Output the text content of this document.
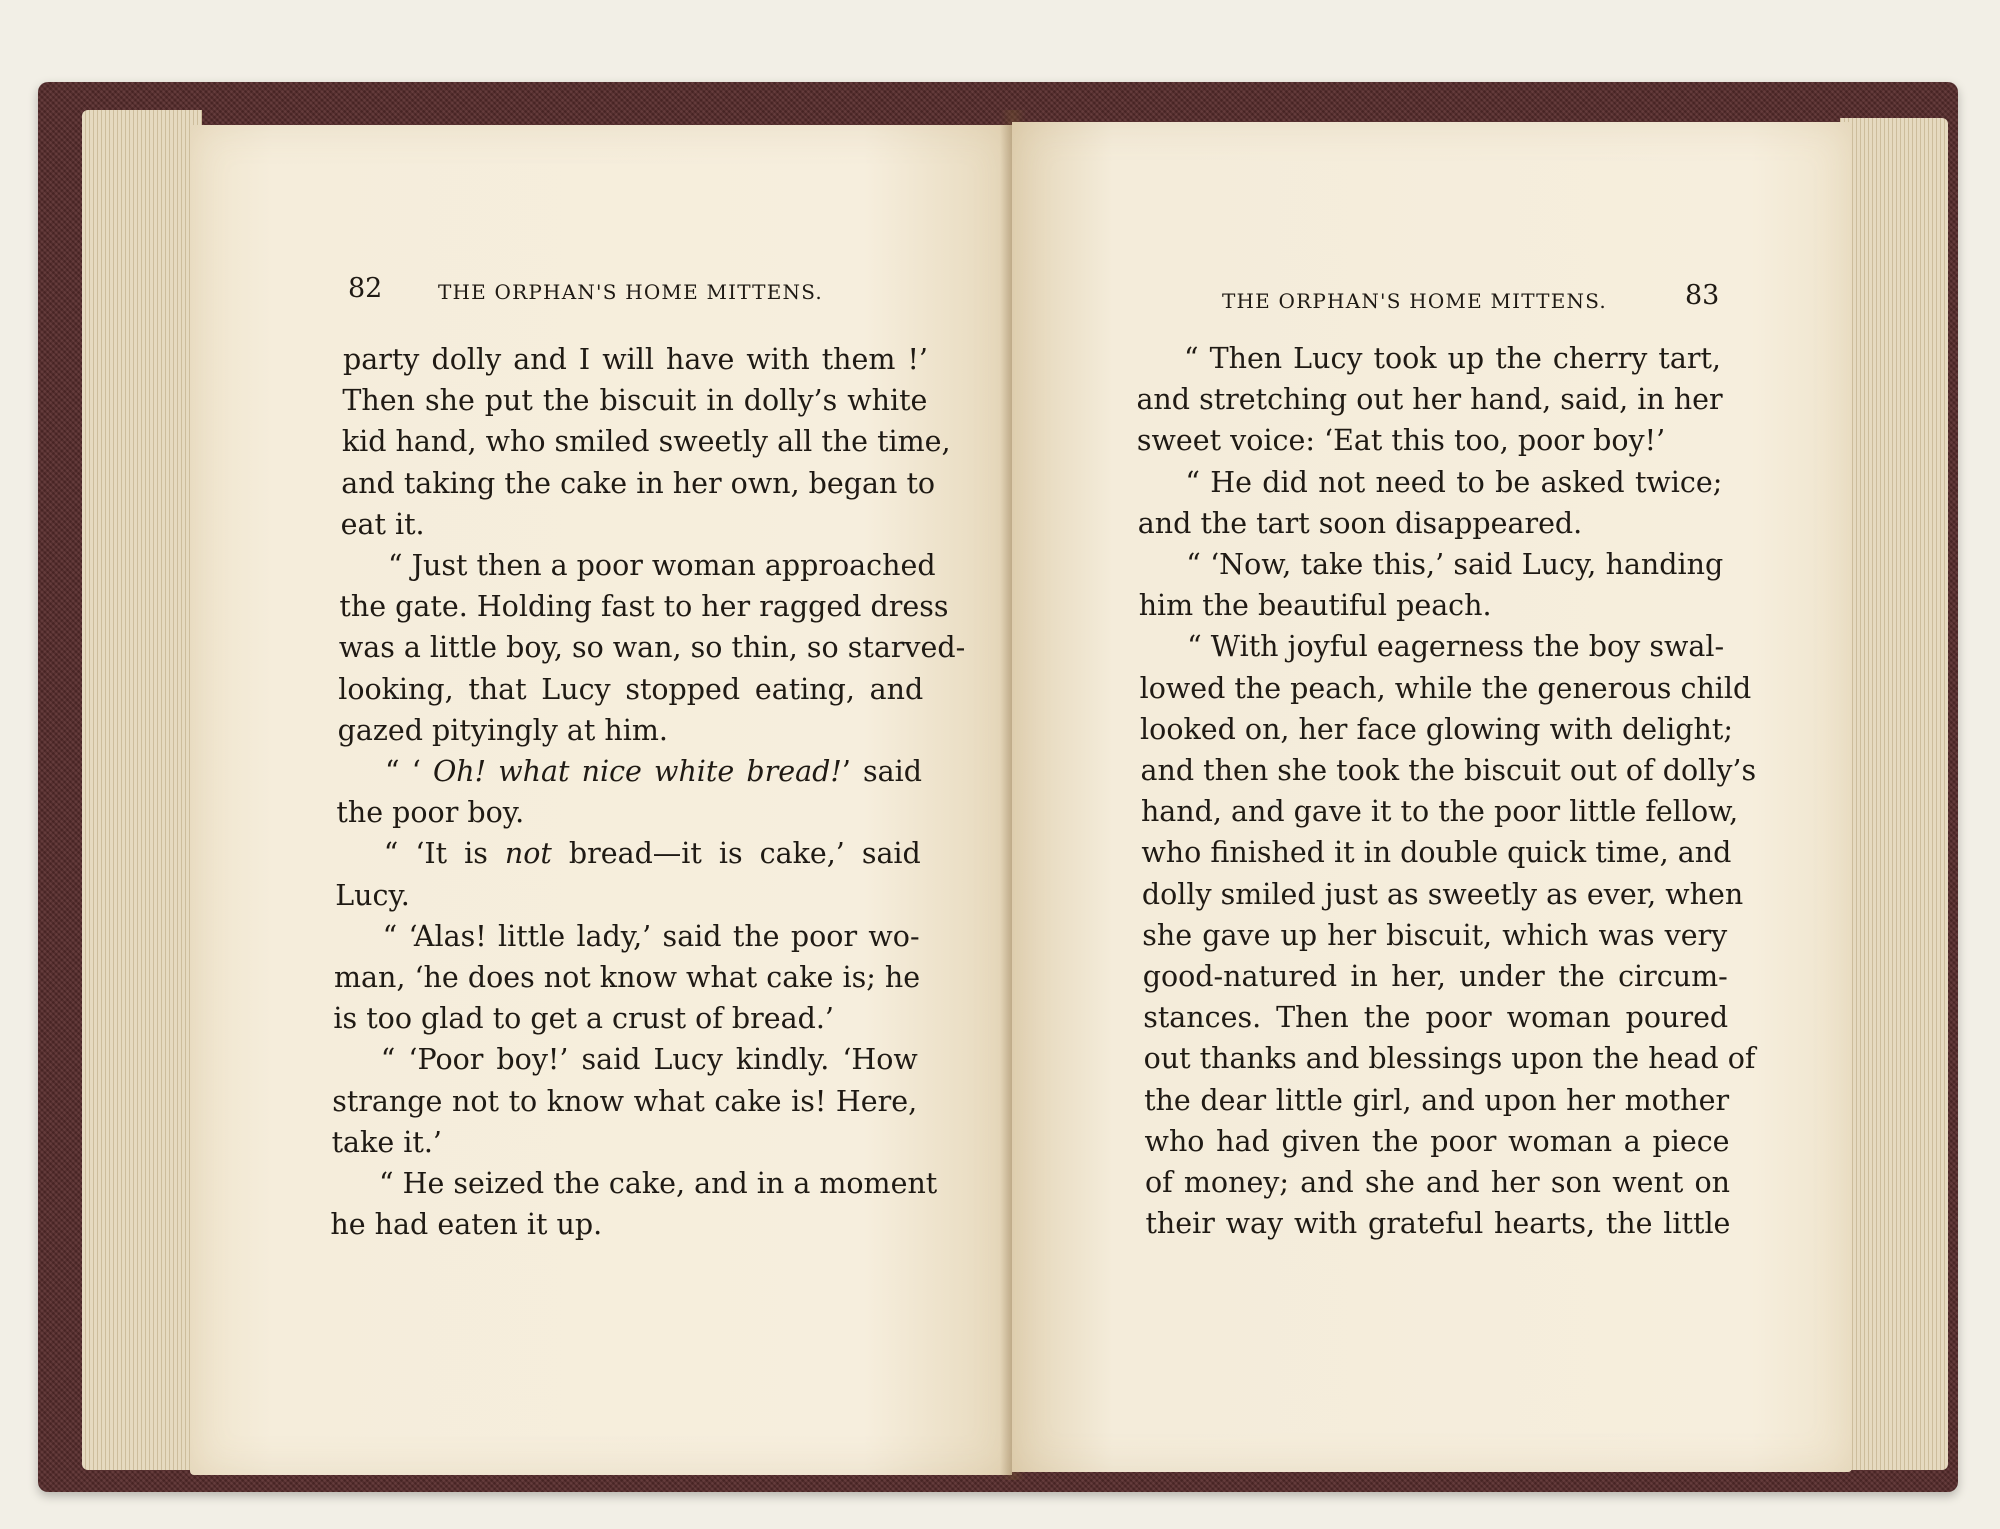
82	THE ORPHAN'S HOME MITTENS.
party dolly and I will have with them !’
Then she put the biscuit in dolly’s white
kid hand, who smiled sweetly all the time,
and taking the cake in her own, began to
eat it.
“ Just then a poor woman approached
the gate. Holding fast to her ragged dress
was a little boy, so wan, so thin, so starved-
looking, that Lucy stopped eating, and
gazed pityingly at him.
“ ‘ Oh! what nice white bread!’ said
the poor boy.
“ ‘It is not bread—it is cake,’ said
Lucy.
“ ‘Alas! little lady,’ said the poor wo-
man, ‘he does not know what cake is; he
is too glad to get a crust of bread.’
“ ‘Poor boy!’ said Lucy kindly. ‘How
strange not to know what cake is! Here,
take it.’
“ He seized the cake, and in a moment
he had eaten it up.
THE ORPHAN'S HOME MITTENS.	83
“ Then Lucy took up the cherry tart,
and stretching out her hand, said, in her
sweet voice: ‘Eat this too, poor boy!’
“ He did not need to be asked twice;
and the tart soon disappeared.
“ ‘Now, take this,’ said Lucy, handing
him the beautiful peach.
“ With joyful eagerness the boy swal-
lowed the peach, while the generous child
looked on, her face glowing with delight;
and then she took the biscuit out of dolly’s
hand, and gave it to the poor little fellow,
who finished it in double quick time, and
dolly smiled just as sweetly as ever, when
she gave up her biscuit, which was very
good-natured in her, under the circum-
stances. Then the poor woman poured
out thanks and blessings upon the head of
the dear little girl, and upon her mother
who had given the poor woman a piece
of money; and she and her son went on
their way with grateful hearts, the little
